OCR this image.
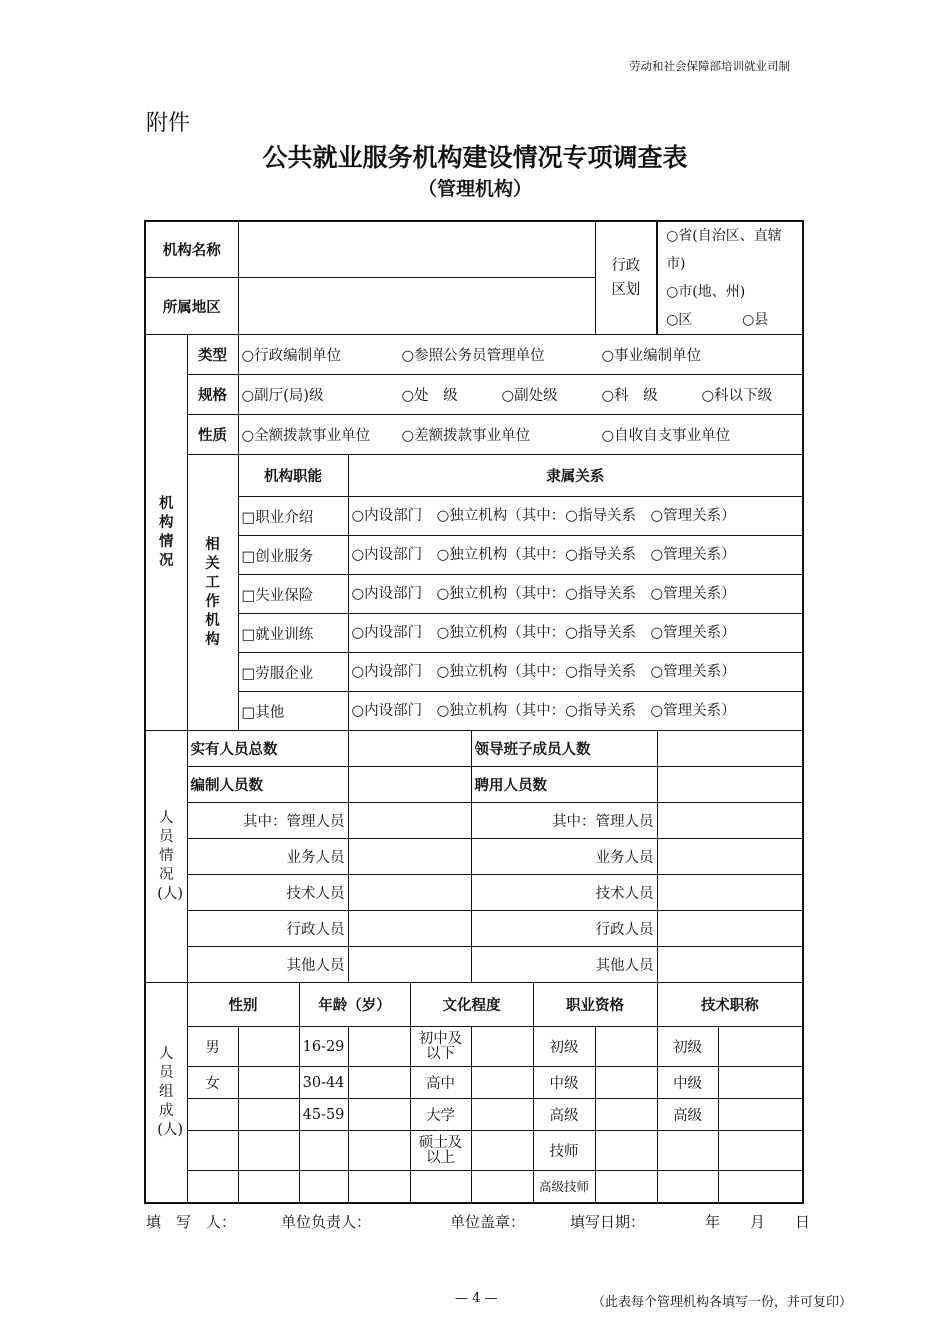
劳动和社会保障部培训就业司制
附件
公共就业服务机构建设情况专项调查表
（管理机构）
机构名称								行政区划	○省(自治区、直辖市)
○市(地、州)
○区 ○县	

所属地区										
机构情况	类型	○行政编制单位 ○参照公务员管理单位 ○事业编制单位								
	规格	○副厅(局)级 ○处　级 ○副处级 ○科　级 ○科以下级								
	性质	○全额拨款事业单位 ○差额拨款事业单位 ○自收自支事业单位								
	相关工作机构	机构职能		隶属关系						
		□职业介绍		○内设部门　○独立机构（其中：○指导关系　○管理关系）						
		□创业服务		○内设部门　○独立机构（其中：○指导关系　○管理关系）						
		□失业保险		○内设部门　○独立机构（其中：○指导关系　○管理关系）						
		□就业训练		○内设部门　○独立机构（其中：○指导关系　○管理关系）						
		□劳服企业		○内设部门　○独立机构（其中：○指导关系　○管理关系）						
		□其他		○内设部门　○独立机构（其中：○指导关系　○管理关系）						
人员情况(人)	实有人员总数					领导班子成员人数				
	编制人员数					聘用人员数				
	其中：管理人员					其中：管理人员				
	业务人员					业务人员				
	技术人员					技术人员				
	行政人员					行政人员				
	其他人员					其他人员				
人员组成(人)	性别		年龄（岁）		文化程度		职业资格		技术职称	
	男		16-29		初中及以下		初级		初级	
	女		30-44		高中		中级		中级	
			45-59		大学		高级		高级	
					硕士及以上		技师			
							高级技师			
填　写　人：	单位负责人：	单位盖章：	填写日期：	年　　月　　日
— 4 —	（此表每个管理机构各填写一份，并可复印）
